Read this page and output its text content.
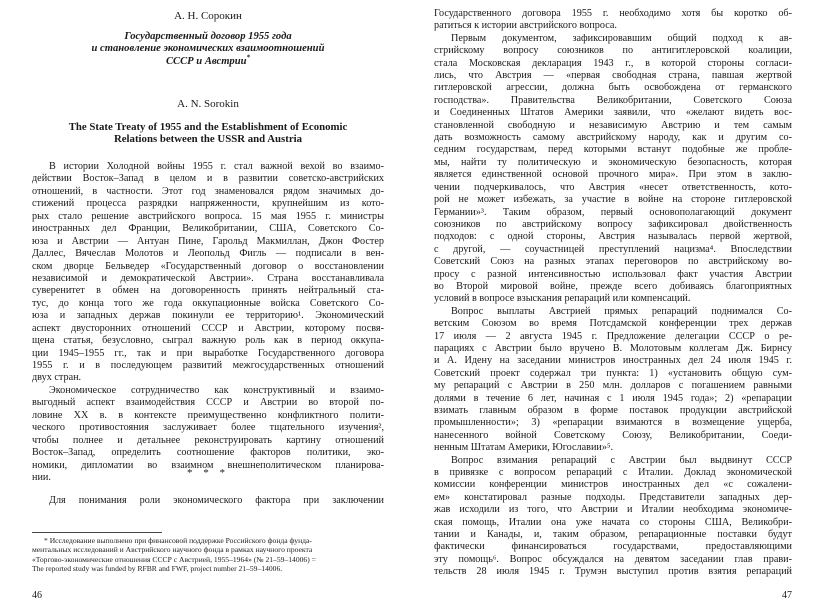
А. Н. Сорокин
Государственный договор 1955 года
и становление экономических взаимоотношений
СССР и Австрии*
A. N. Sorokin
The State Treaty of 1955 and the Establishment of Economic
Relations between the USSR and Austria
В истории Холодной войны 1955 г. стал важной вехой во взаимо-
действии Восток–Запад в целом и в развитии советско-австрийских
отношений, в частности. Этот год знаменовался рядом значимых до-
стижений процесса разрядки напряженности, крупнейшим из кото-
рых стало решение австрийского вопроса. 15 мая 1955 г. министры
иностранных дел Франции, Великобритании, США, Советского Со-
юза и Австрии — Антуан Пине, Гарольд Макмиллан, Джон Фостер
Даллес, Вячеслав Молотов и Леопольд Фигль — подписали в вен-
ском дворце Бельведер «Государственный договор о восстановлении
независимой и демократической Австрии». Страна восстанавливала
суверенитет в обмен на договоренность принять нейтральный ста-
тус, до конца того же года оккупационные войска Советского Со-
юза и западных держав покинули ее территорию¹. Экономический
аспект двусторонних отношений СССР и Австрии, которому посвя-
щена статья, безусловно, сыграл важную роль как в период оккупа-
ции 1945–1955 гг., так и при выработке Государственного договора
1955 г. и в последующем развитий межгосударственных отношений
двух стран.
Экономическое сотрудничество как конструктивный и взаимо-
выгодный аспект взаимодействия СССР и Австрии во второй по-
ловине XX в. в контексте преимущественно конфликтного полити-
ческого противостояния заслуживает более тщательного изучения²,
чтобы полнее и детальнее реконструировать картину отношений
Восток–Запад, определить соотношение факторов политики, эко-
номики, дипломатии во взаимном внешнеполитическом планирова-
нии.	* * *
Для понимания роли экономического фактора при заключении
* Исследование выполнено при финансовой поддержке Российского фонда фунда-
ментальных исследований и Австрийского научного фонда в рамках научного проекта
«Торговo-экономические отношения СССР с Австрией, 1955–1964» (№ 21–59–14006) =
The reported study was funded by RFBR and FWF, project number 21–59–14006.
46
Государственного договора 1955 г. необходимо хотя бы коротко об-
ратиться к истории австрийского вопроса.
Первым документом, зафиксировавшим общий подход к ав-
стрийскому вопросу союзников по антигитлеровской коалиции,
стала Московская декларация 1943 г., в которой стороны согласи-
лись, что Австрия — «первая свободная страна, павшая жертвой
гитлеровской агрессии, должна быть освобождена от германского
господства». Правительства Великобритании, Советского Союза
и Соединенных Штатов Америки заявили, что «желают видеть вос-
становленной свободную и независимую Австрию и тем самым
дать возможность самому австрийскому народу, как и другим со-
седним государствам, перед которыми встанут подобные же пробле-
мы, найти ту политическую и экономическую безопасность, которая
является единственной основой прочного мира». При этом в заклю-
чении подчеркивалось, что Австрия «несет ответственность, кото-
рой не может избежать, за участие в войне на стороне гитлеровской
Германии»³. Таким образом, первый основополагающий документ
союзников по австрийскому вопросу зафиксировал двойственность
подходов: с одной стороны, Австрия называлась первой жертвой,
с другой, — соучастницей преступлений нацизма⁴. Впоследствии
Советский Союз на разных этапах переговоров по австрийскому во-
просу с разной интенсивностью использовал факт участия Австрии
во Второй мировой войне, прежде всего добиваясь благоприятных
условий в вопросе взыскания репараций или компенсаций.
Вопрос выплаты Австрией прямых репараций поднимался Со-
ветским Союзом во время Потсдамской конференции трех держав
17 июля — 2 августа 1945 г. Предложение делегации СССР о ре-
парациях с Австрии было вручено В. Молотовым коллегам Дж. Бирнсу
и А. Идену на заседании министров иностранных дел 24 июля 1945 г.
Советский проект содержал три пункта: 1) «установить общую сум-
му репараций с Австрии в 250 млн. долларов с погашением равными
долями в течение 6 лет, начиная с 1 июля 1945 года»; 2) «репарации
взимать главным образом в форме поставок продукции австрийской
промышленности»; 3) «репарации взимаются в возмещение ущерба,
нанесенного войной Советскому Союзу, Великобритании, Соеди-
ненным Штатам Америки, Югославии»⁵.
Вопрос взимания репараций с Австрии был выдвинут СССР
в привязке с вопросом репараций с Италии. Доклад экономической
комиссии конференции министров иностранных дел «с сожалени-
ем» констатировал разные подходы. Представители западных дер-
жав исходили из того, что Австрии и Италии необходима экономиче-
ская помощь, Италии она уже начата со стороны США, Великобри-
тании и Канады, и, таким образом, репарационные поставки будут
фактически финансироваться государствами, предоставляющими
эту помощь⁶. Вопрос обсуждался на девятом заседании глав прави-
тельств 28 июля 1945 г. Трумэн выступил против взятия репараций
47
